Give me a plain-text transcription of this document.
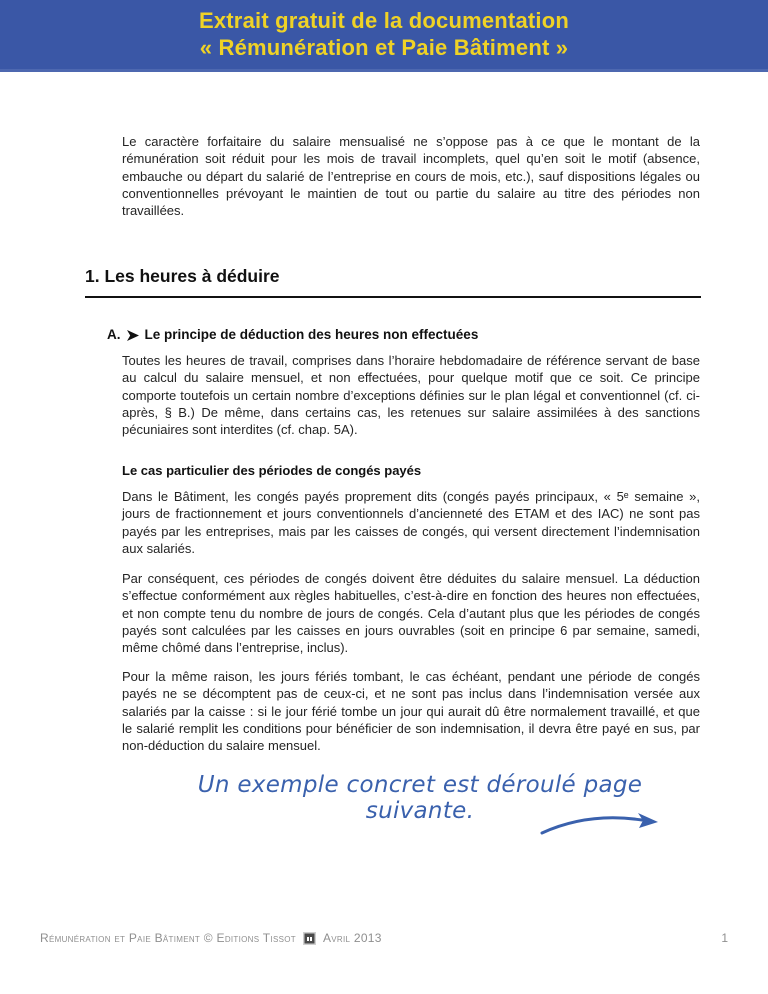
Extrait gratuit de la documentation
« Rémunération et Paie Bâtiment »

Le caractère forfaitaire du salaire mensualisé ne s’oppose pas à ce que le montant de la rémunération soit réduit pour les mois de travail incomplets, quel qu’en soit le motif (absence, embauche ou départ du salarié de l’entreprise en cours de mois, etc.), sauf dispositions légales ou conventionnelles prévoyant le maintien de tout ou partie du salaire au titre des périodes non travaillées.

1. Les heures à déduire
A. Le principe de déduction des heures non effectuées

Toutes les heures de travail, comprises dans l’horaire hebdomadaire de référence servant de base au calcul du salaire mensuel, et non effectuées, pour quelque motif que ce soit. Ce principe comporte toutefois un certain nombre d’exceptions définies sur le plan légal et conventionnel (cf. ci-après, § B.) De même, dans certains cas, les retenues sur salaire assimilées à des sanctions pécuniaires sont interdites (cf. chap. 5A).

Le cas particulier des périodes de congés payés

Dans le Bâtiment, les congés payés proprement dits (congés payés principaux, « 5ᵉ semaine », jours de fractionnement et jours conventionnels d’ancienneté des ETAM et des IAC) ne sont pas payés par les entreprises, mais par les caisses de congés, qui versent directement l’indemnisation aux salariés.

Par conséquent, ces périodes de congés doivent être déduites du salaire mensuel. La déduction s’effectue conformément aux règles habituelles, c’est-à-dire en fonction des heures non effectuées, et non compte tenu du nombre de jours de congés. Cela d’autant plus que les périodes de congés payés sont calculées par les caisses en jours ouvrables (soit en principe 6 par semaine, samedi, même chômé dans l’entreprise, inclus).

Pour la même raison, les jours fériés tombant, le cas échéant, pendant une période de congés payés ne se décomptent pas de ceux-ci, et ne sont pas inclus dans l’indemnisation versée aux salariés par la caisse : si le jour férié tombe un jour qui aurait dû être normalement travaillé, et que le salarié remplit les conditions pour bénéficier de son indemnisation, il devra être payé en sus, par non-déduction du salaire mensuel.

Un exemple concret est déroulé page suivante.
Rémunération et Paie Bâtiment © Editions Tissot Avril 2013	1
